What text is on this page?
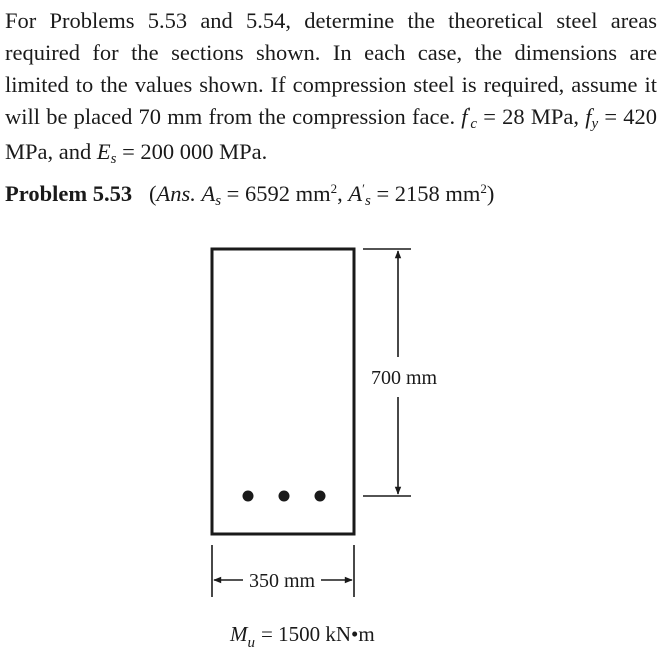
For Problems 5.53 and 5.54, determine the theoretical steel areas required for the sections shown. In each case, the dimensions are limited to the values shown. If compression steel is required, assume it will be placed 70 mm from the compression face. $f'_c = 28$ MPa, $f_y = 420$ MPa, and $E_s = 200$ 000 MPa.

Problem 5.53 (Ans. $A_s = 6592$ $mm^2$, $A'_s = 2158$ $mm^2$)

700 mm
350 mm
$M_u = 1500$ kN•m
